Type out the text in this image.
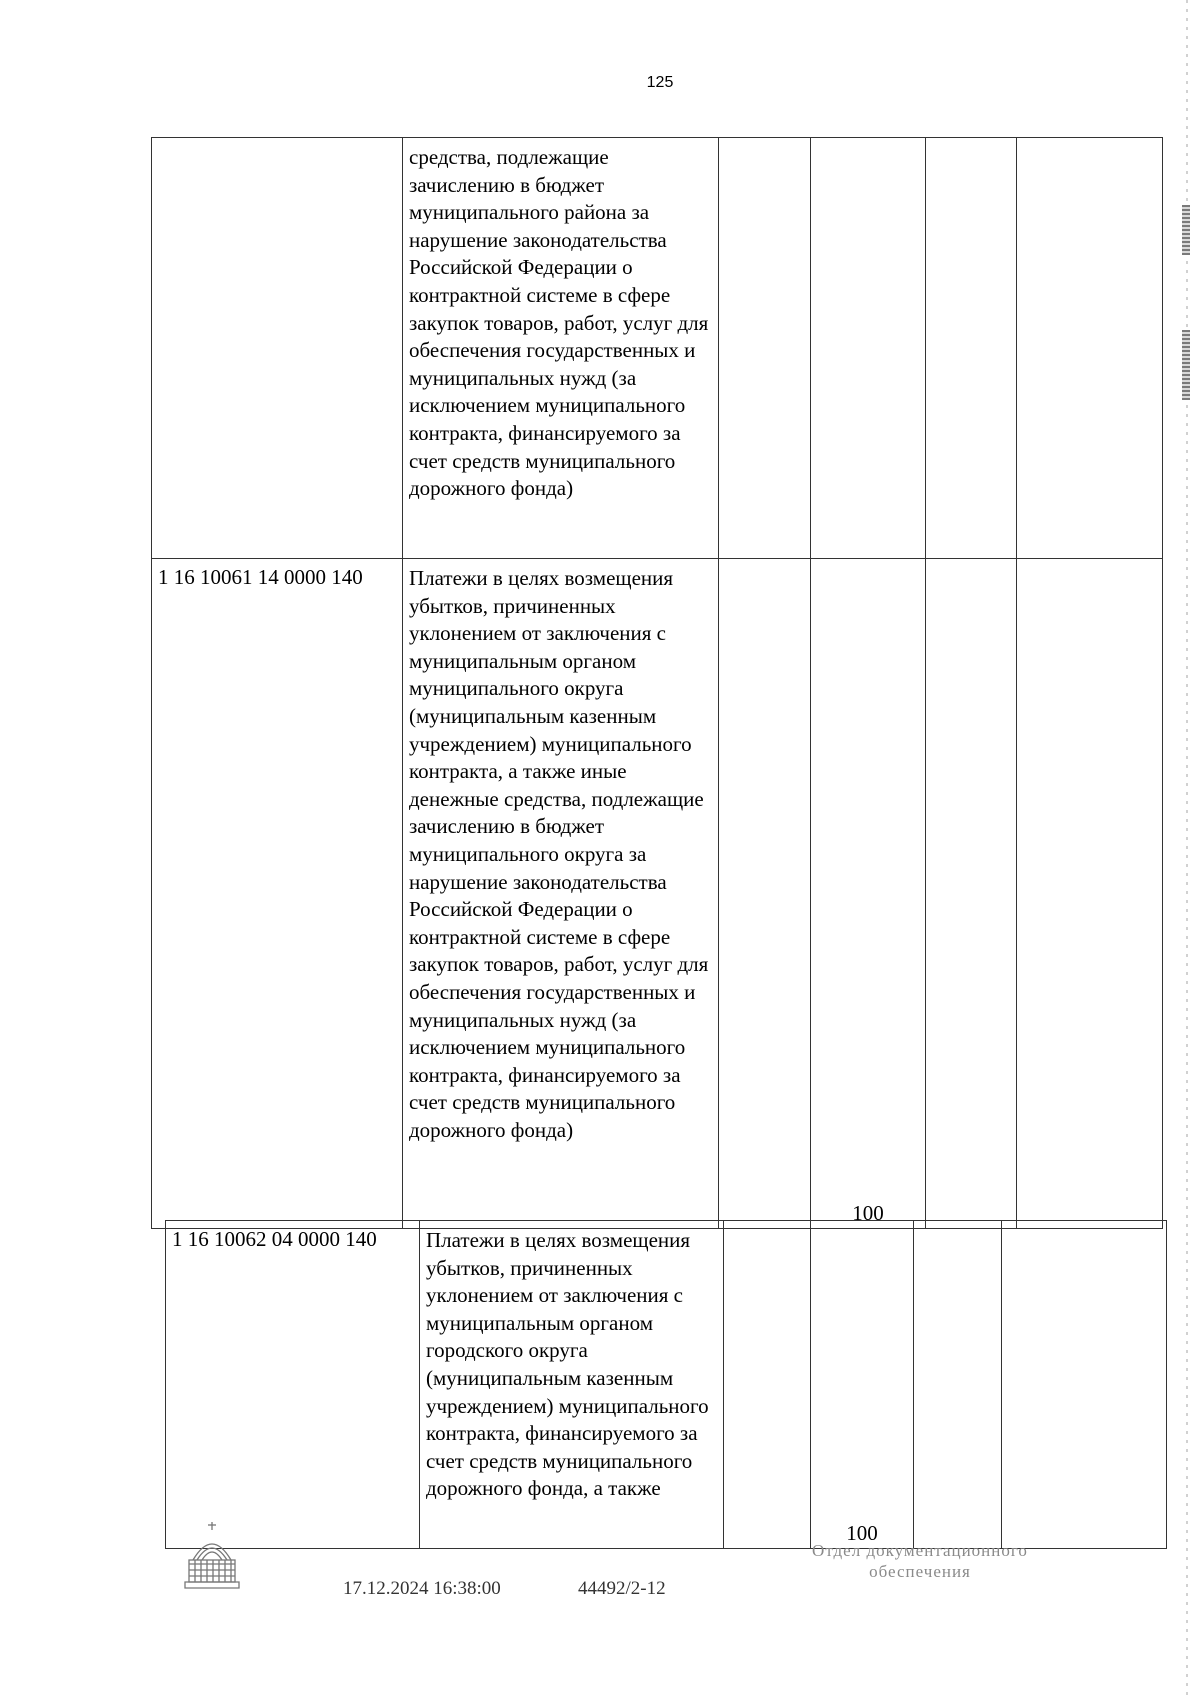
125
	средства, подлежащие зачислению в бюджет муниципального района за нарушение законодательства Российской Федерации о контрактной системе в сфере закупок товаров, работ, услуг для обеспечения государственных и муниципальных нужд (за исключением муниципального контракта, финансируемого за счет средств муниципального дорожного фонда)				
1 16 10061 14 0000 140	Платежи в целях возмещения убытков, причиненных уклонением от заключения с муниципальным органом муниципального округа (муниципальным казенным учреждением) муниципального контракта, а также иные денежные средства, подлежащие зачислению в бюджет муниципального округа за нарушение законодательства Российской Федерации о контрактной системе в сфере закупок товаров, работ, услуг для обеспечения государственных и муниципальных нужд (за исключением муниципального контракта, финансируемого за счет средств муниципального дорожного фонда)		100		
1 16 10062 04 0000 140	Платежи в целях возмещения убытков, причиненных уклонением от заключения с муниципальным органом городского округа (муниципальным казенным учреждением) муниципального контракта, финансируемого за счет средств муниципального дорожного фонда, а также		100		
17.12.2024 16:38:00	44492/2-12
Отдел документационного
обеспечения
